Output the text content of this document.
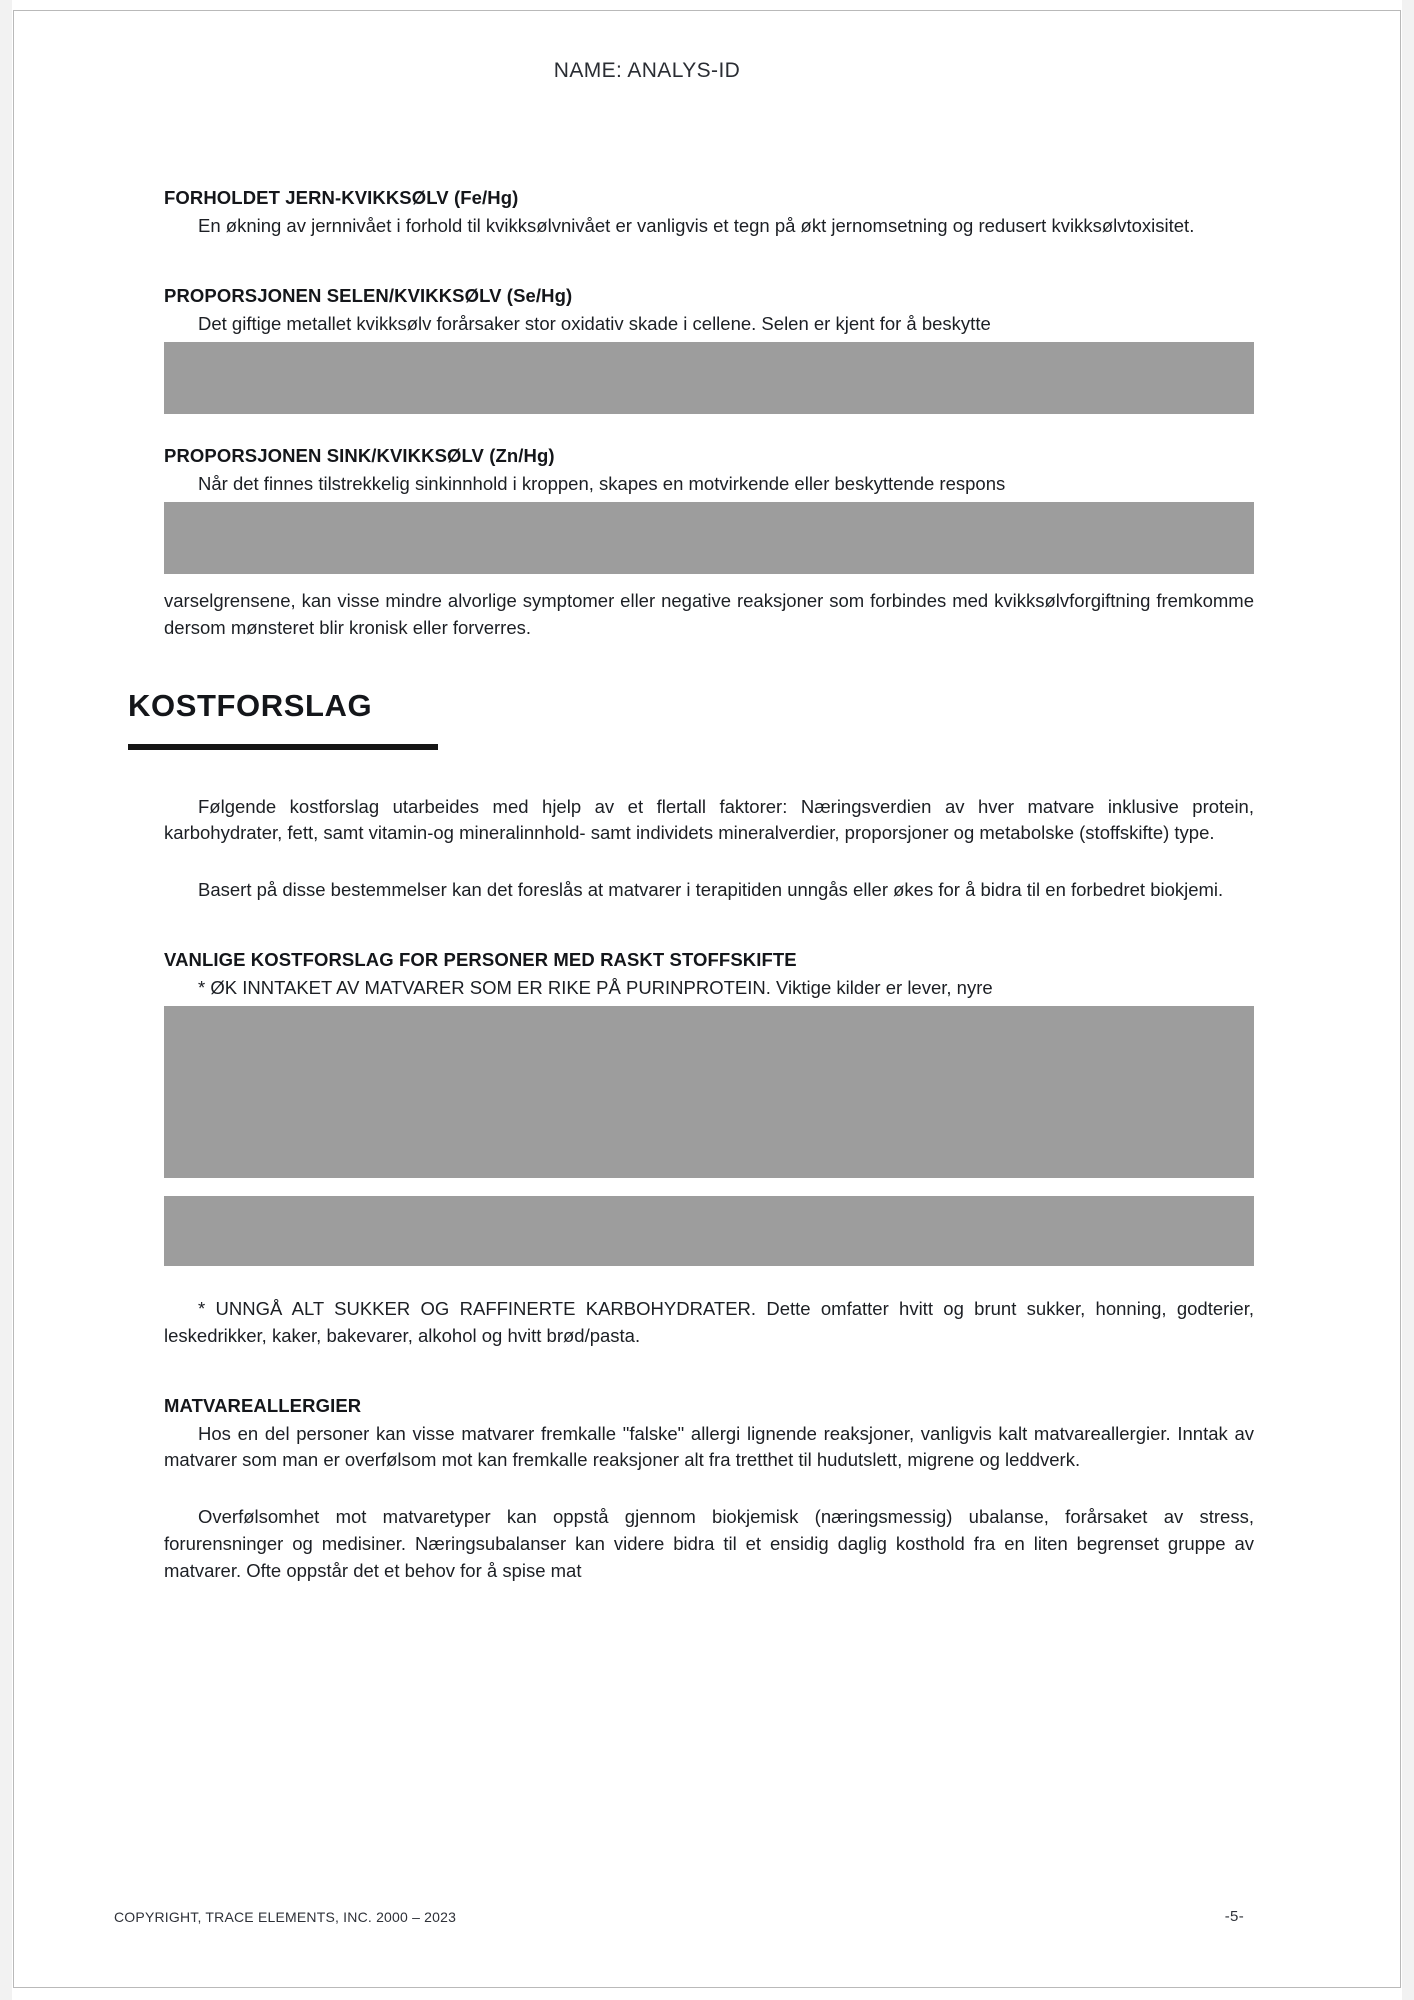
NAME: ANALYS-ID
FORHOLDET JERN-KVIKKSØLV (Fe/Hg)

En økning av jernnivået i forhold til kvikksølvnivået er vanligvis et tegn på økt jernomsetning og redusert kvikksølvtoxisitet.

PROPORSJONEN SELEN/KVIKKSØLV (Se/Hg)

Det giftige metallet kvikksølv forårsaker stor oxidativ skade i cellene. Selen er kjent for å beskytte

PROPORSJONEN SINK/KVIKKSØLV (Zn/Hg)

Når det finnes tilstrekkelig sinkinnhold i kroppen, skapes en motvirkende eller beskyttende respons

varselgrensene, kan visse mindre alvorlige symptomer eller negative reaksjoner som forbindes med kvikksølvforgiftning fremkomme dersom mønsteret blir kronisk eller forverres.

KOSTFORSLAG

Følgende kostforslag utarbeides med hjelp av et flertall faktorer: Næringsverdien av hver matvare inklusive protein, karbohydrater, fett, samt vitamin-og mineralinnhold- samt individets mineralverdier, proporsjoner og metabolske (stoffskifte) type.

Basert på disse bestemmelser kan det foreslås at matvarer i terapitiden unngås eller økes for å bidra til en forbedret biokjemi.

VANLIGE KOSTFORSLAG FOR PERSONER MED RASKT STOFFSKIFTE

* ØK INNTAKET AV MATVARER SOM ER RIKE PÅ PURINPROTEIN. Viktige kilder er lever, nyre

* UNNGÅ ALT SUKKER OG RAFFINERTE KARBOHYDRATER. Dette omfatter hvitt og brunt sukker, honning, godterier, leskedrikker, kaker, bakevarer, alkohol og hvitt brød/pasta.

MATVAREALLERGIER

Hos en del personer kan visse matvarer fremkalle "falske" allergi lignende reaksjoner, vanligvis kalt matvareallergier. Inntak av matvarer som man er overfølsom mot kan fremkalle reaksjoner alt fra tretthet til hudutslett, migrene og leddverk.

Overfølsomhet mot matvaretyper kan oppstå gjennom biokjemisk (næringsmessig) ubalanse, forårsaket av stress, forurensninger og medisiner. Næringsubalanser kan videre bidra til et ensidig daglig kosthold fra en liten begrenset gruppe av matvarer. Ofte oppstår det et behov for å spise mat

COPYRIGHT, TRACE ELEMENTS, INC. 2000 – 2023	-5-
